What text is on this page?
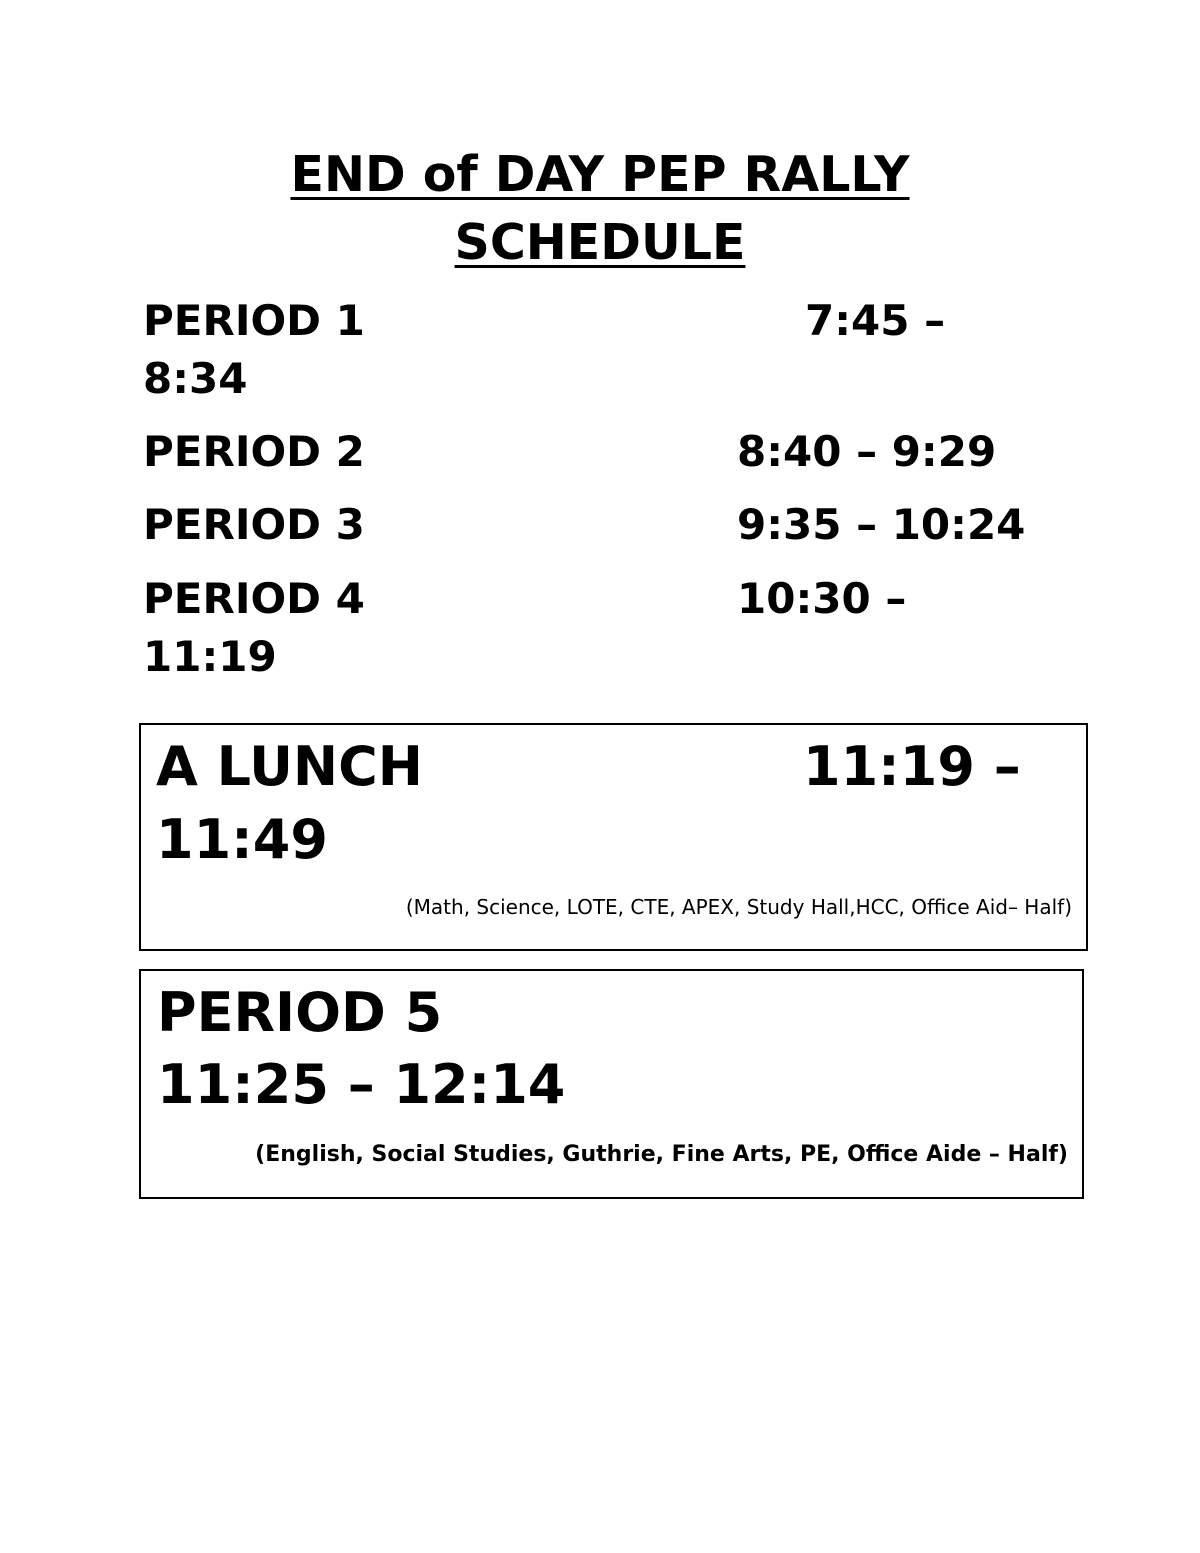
END of DAY PEP RALLY
SCHEDULE
PERIOD 1	7:45 –
8:34
PERIOD 2	8:40 – 9:29
PERIOD 3	9:35 – 10:24
PERIOD 4	10:30 –
11:19
A LUNCH	11:19 –
11:49
(Math, Science, LOTE, CTE, APEX, Study Hall,HCC, Office Aid– Half)
PERIOD 5
11:25 – 12:14
(English, Social Studies, Guthrie, Fine Arts, PE, Office Aide – Half)
